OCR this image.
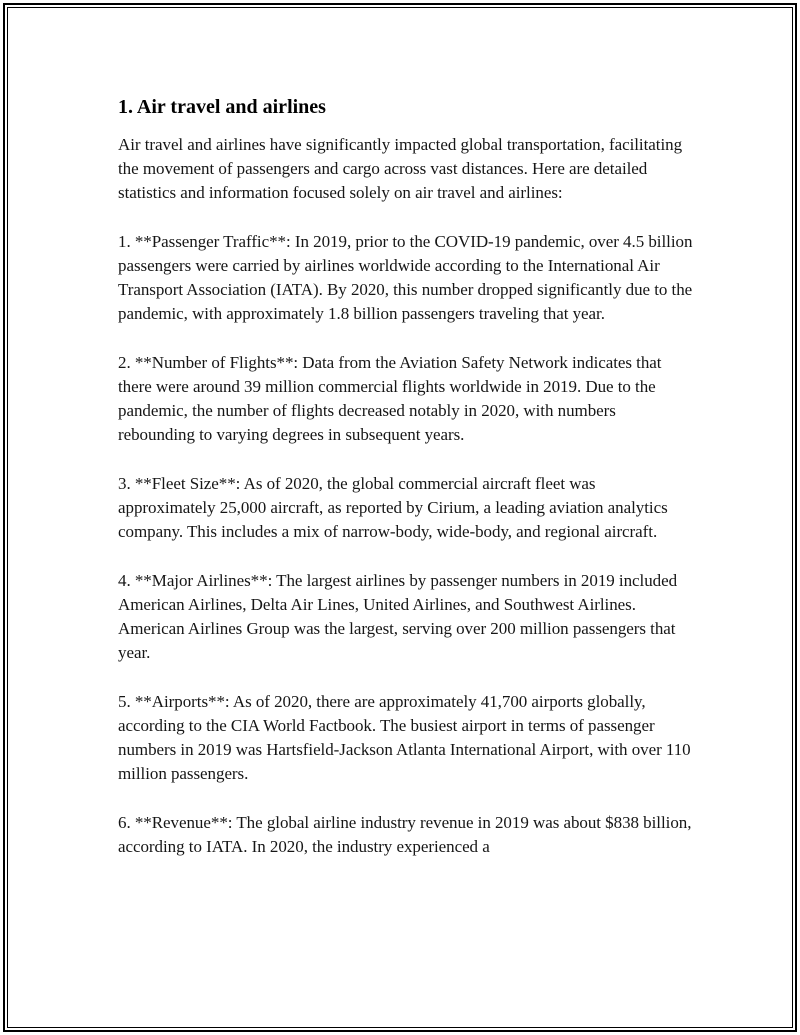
1. Air travel and airlines

Air travel and airlines have significantly impacted global transportation, facilitating the movement of passengers and cargo across vast distances. Here are detailed statistics and information focused solely on air travel and airlines:

1. **Passenger Traffic**: In 2019, prior to the COVID-19 pandemic, over 4.5 billion passengers were carried by airlines worldwide according to the International Air Transport Association (IATA). By 2020, this number dropped significantly due to the pandemic, with approximately 1.8 billion passengers traveling that year.

2. **Number of Flights**: Data from the Aviation Safety Network indicates that there were around 39 million commercial flights worldwide in 2019. Due to the pandemic, the number of flights decreased notably in 2020, with numbers rebounding to varying degrees in subsequent years.

3. **Fleet Size**: As of 2020, the global commercial aircraft fleet was approximately 25,000 aircraft, as reported by Cirium, a leading aviation analytics company. This includes a mix of narrow-body, wide-body, and regional aircraft.

4. **Major Airlines**: The largest airlines by passenger numbers in 2019 included American Airlines, Delta Air Lines, United Airlines, and Southwest Airlines. American Airlines Group was the largest, serving over 200 million passengers that year.

5. **Airports**: As of 2020, there are approximately 41,700 airports globally, according to the CIA World Factbook. The busiest airport in terms of passenger numbers in 2019 was Hartsfield-Jackson Atlanta International Airport, with over 110 million passengers.

6. **Revenue**: The global airline industry revenue in 2019 was about $838 billion, according to IATA. In 2020, the industry experienced a
